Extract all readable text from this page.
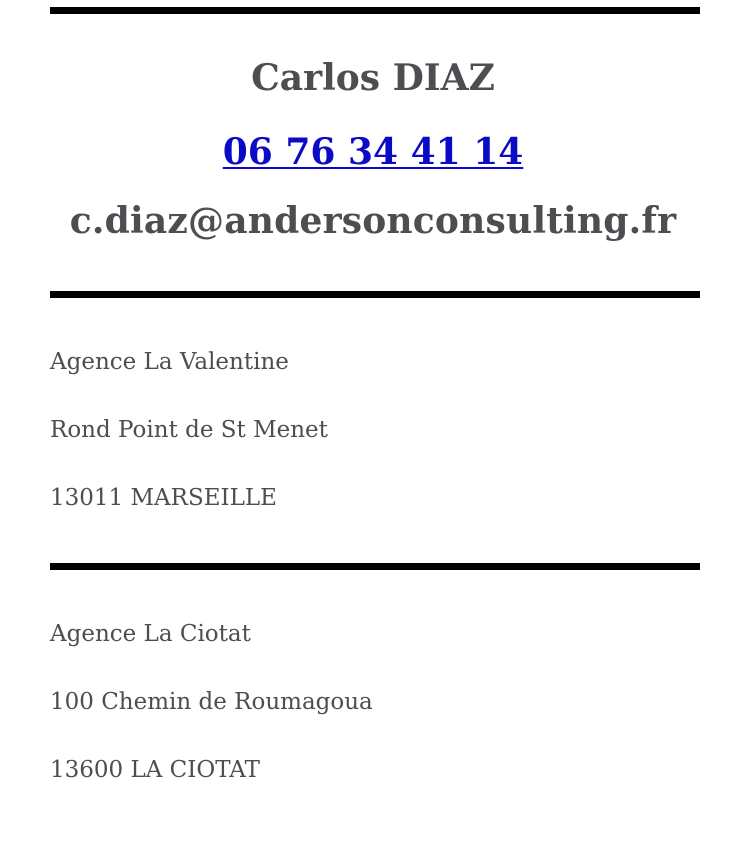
Carlos DIAZ
06 76 34 41 14
c.diaz@andersonconsulting.fr
Agence La Valentine
Rond Point de St Menet
13011 MARSEILLE
Agence La Ciotat
100 Chemin de Roumagoua
13600 LA CIOTAT
